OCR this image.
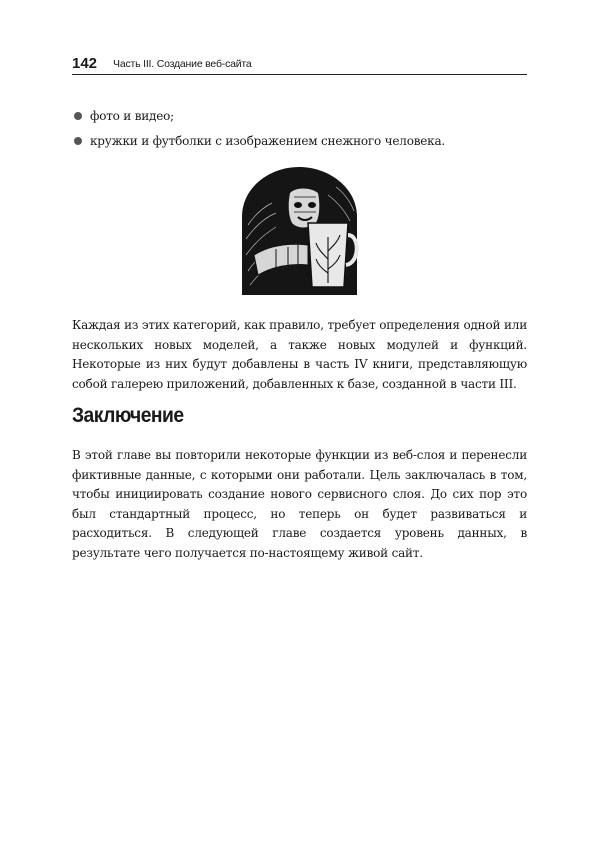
142 Часть III. Создание веб-сайта
фото и видео;
кружки и футболки с изображением снежного человека.

Каждая из этих категорий, как правило, требует определения одной или нескольких новых моделей, а также новых модулей и функций. Некоторые из них будут добавлены в часть IV книги, представляющую собой галерею приложений, добавленных к базе, созданной в части III.

Заключение

В этой главе вы повторили некоторые функции из веб-слоя и перенесли фиктивные данные, с которыми они работали. Цель заключалась в том, чтобы инициировать создание нового сервисного слоя. До сих пор это был стандартный процесс, но теперь он будет развиваться и расходиться. В следующей главе создается уровень данных, в результате чего получается по-настоящему живой сайт.
